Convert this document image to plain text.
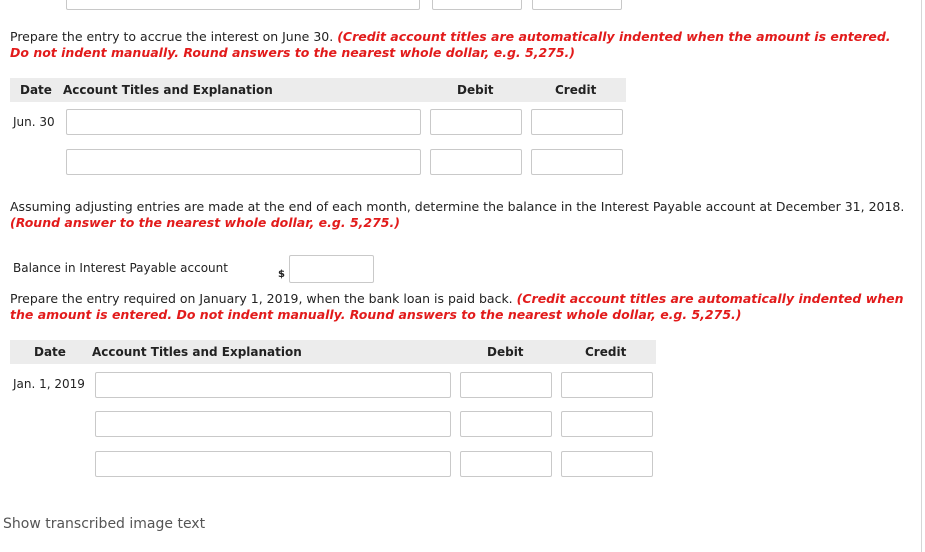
Prepare the entry to accrue the interest on June 30. (Credit account titles are automatically indented when the amount is entered. Do not indent manually. Round answers to the nearest whole dollar, e.g. 5,275.)
Date Account Titles and Explanation	Debit	Credit
Jun. 30
Assuming adjusting entries are made at the end of each month, determine the balance in the Interest Payable account at December 31, 2018. (Round answer to the nearest whole dollar, e.g. 5,275.)
Balance in Interest Payable account	$
Prepare the entry required on January 1, 2019, when the bank loan is paid back. (Credit account titles are automatically indented when the amount is entered. Do not indent manually. Round answers to the nearest whole dollar, e.g. 5,275.)
Date Account Titles and Explanation	Debit	Credit
Jan. 1, 2019
Show transcribed image text
